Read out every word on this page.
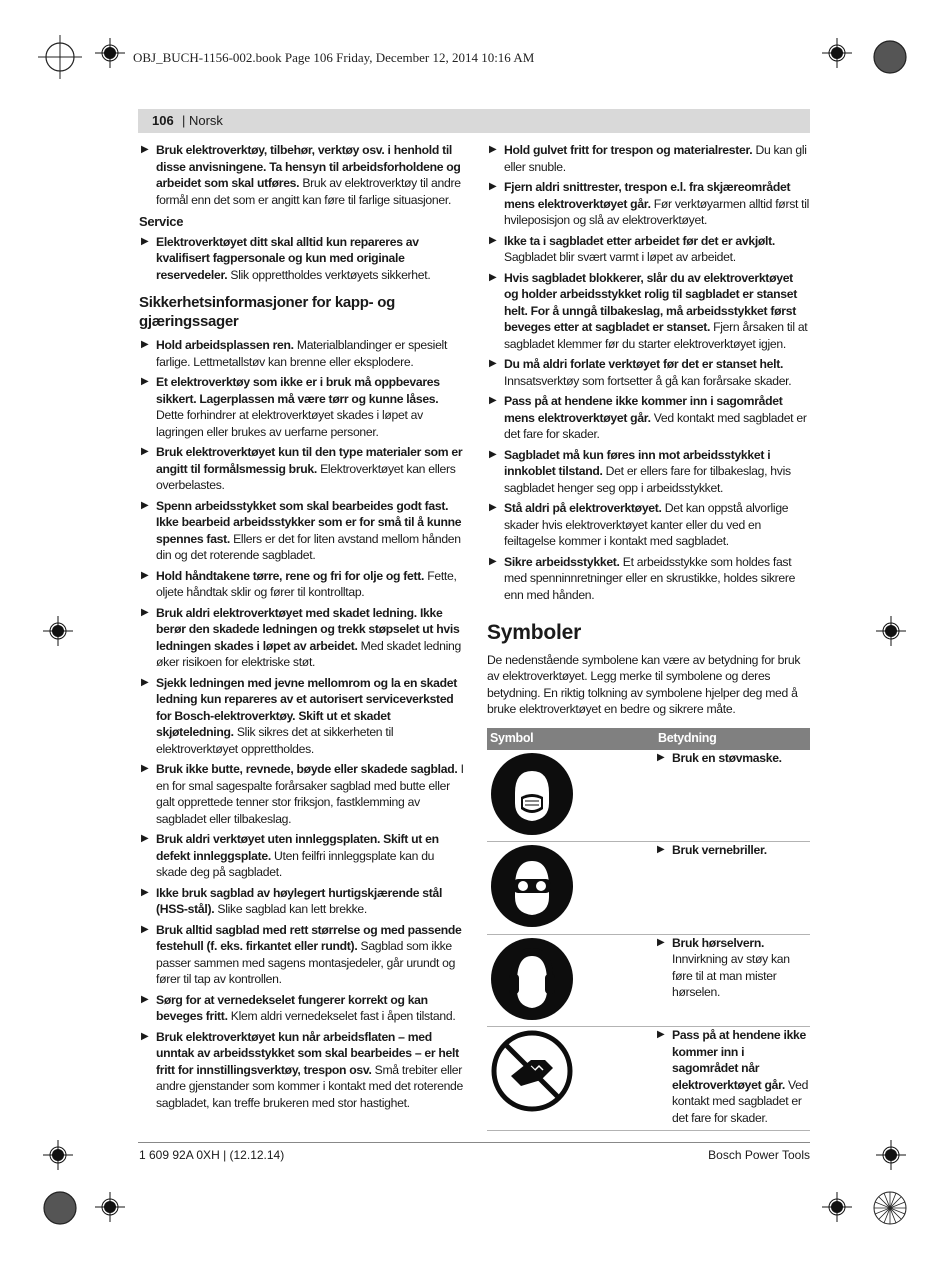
OBJ_BUCH-1156-002.book Page 106 Friday, December 12, 2014 10:16 AM
106 | Norsk
▶ Bruk elektroverktøy, tilbehør, verktøy osv. i henhold til disse anvisningene. Ta hensyn til arbeidsforholdene og arbeidet som skal utføres. Bruk av elektroverktøy til andre formål enn det som er angitt kan føre til farlige situasjoner.
Service
▶ Elektroverktøyet ditt skal alltid kun repareres av kvalifisert fagpersonale og kun med originale reservedeler. Slik opprettholdes verktøyets sikkerhet.
Sikkerhetsinformasjoner for kapp- og gjæringssager
▶ Hold arbeidsplassen ren. Materialblandinger er spesielt farlige. Lettmetallstøv kan brenne eller eksplodere.
▶ Et elektroverktøy som ikke er i bruk må oppbevares sikkert. Lagerplassen må være tørr og kunne låses. Dette forhindrer at elektroverktøyet skades i løpet av lagringen eller brukes av uerfarne personer.
▶ Bruk elektroverktøyet kun til den type materialer som er angitt til formålsmessig bruk. Elektroverktøyet kan ellers overbelastes.
▶ Spenn arbeidsstykket som skal bearbeides godt fast. Ikke bearbeid arbeidsstykker som er for små til å kunne spennes fast. Ellers er det for liten avstand mellom hånden din og det roterende sagbladet.
▶ Hold håndtakene tørre, rene og fri for olje og fett. Fette, oljete håndtak sklir og fører til kontrolltap.
▶ Bruk aldri elektroverktøyet med skadet ledning. Ikke berør den skadede ledningen og trekk støpselet ut hvis ledningen skades i løpet av arbeidet. Med skadet ledning øker risikoen for elektriske støt.
▶ Sjekk ledningen med jevne mellomrom og la en skadet ledning kun repareres av et autorisert serviceverksted for Bosch-elektroverktøy. Skift ut et skadet skjøteledning. Slik sikres det at sikkerheten til elektroverktøyet opprettholdes.
▶ Bruk ikke butte, revnede, bøyde eller skadede sagblad. I en for smal sagespalte forårsaker sagblad med butte eller galt opprettede tenner stor friksjon, fastklemming av sagbladet eller tilbakeslag.
▶ Bruk aldri verktøyet uten innleggsplaten. Skift ut en defekt innleggsplate. Uten feilfri innleggsplate kan du skade deg på sagbladet.
▶ Ikke bruk sagblad av høylegert hurtigskjærende stål (HSS-stål). Slike sagblad kan lett brekke.
▶ Bruk alltid sagblad med rett størrelse og med passende festehull (f. eks. firkantet eller rundt). Sagblad som ikke passer sammen med sagens montasjedeler, går urundt og fører til tap av kontrollen.
▶ Sørg for at vernedekselet fungerer korrekt og kan beveges fritt. Klem aldri vernedekselet fast i åpen tilstand.
▶ Bruk elektroverktøyet kun når arbeidsflaten – med unntak av arbeidsstykket som skal bearbeides – er helt fritt for innstillingsverktøy, trespon osv. Små trebiter eller andre gjenstander som kommer i kontakt med det roterende sagbladet, kan treffe brukeren med stor hastighet.
▶ Hold gulvet fritt for trespon og materialrester. Du kan gli eller snuble.
▶ Fjern aldri snittrester, trespon e.l. fra skjæreområdet mens elektroverktøyet går. Før verktøyarmen alltid først til hvileposisjon og slå av elektroverktøyet.
▶ Ikke ta i sagbladet etter arbeidet før det er avkjølt. Sagbladet blir svært varmt i løpet av arbeidet.
▶ Hvis sagbladet blokkerer, slår du av elektroverktøyet og holder arbeidsstykket rolig til sagbladet er stanset helt. For å unngå tilbakeslag, må arbeidsstykket først beveges etter at sagbladet er stanset. Fjern årsaken til at sagbladet klemmer før du starter elektroverktøyet igjen.
▶ Du må aldri forlate verktøyet før det er stanset helt. Innsatsverktøy som fortsetter å gå kan forårsake skader.
▶ Pass på at hendene ikke kommer inn i sagområdet mens elektroverktøyet går. Ved kontakt med sagbladet er det fare for skader.
▶ Sagbladet må kun føres inn mot arbeidsstykket i innkoblet tilstand. Det er ellers fare for tilbakeslag, hvis sagbladet henger seg opp i arbeidsstykket.
▶ Stå aldri på elektroverktøyet. Det kan oppstå alvorlige skader hvis elektroverktøyet kanter eller du ved en feiltagelse kommer i kontakt med sagbladet.
▶ Sikre arbeidsstykket. Et arbeidsstykke som holdes fast med spenninnretninger eller en skrustikke, holdes sikrere enn med hånden.
Symboler
De nedenstående symbolene kan være av betydning for bruk av elektroverktøyet. Legg merke til symbolene og deres betydning. En riktig tolkning av symbolene hjelper deg med å bruke elektroverktøyet en bedre og sikrere måte.
Symbol	Betydning

▶ Bruk en støvmaske.

▶ Bruk vernebriller.

▶ Bruk hørselvern. Innvirkning av støy kan føre til at man mister hørselen.

▶ Pass på at hendene ikke kommer inn i sagområdet når elektroverktøyet går. Ved kontakt med sagbladet er det fare for skader.
1 609 92A 0XH | (12.12.14)	Bosch Power Tools
